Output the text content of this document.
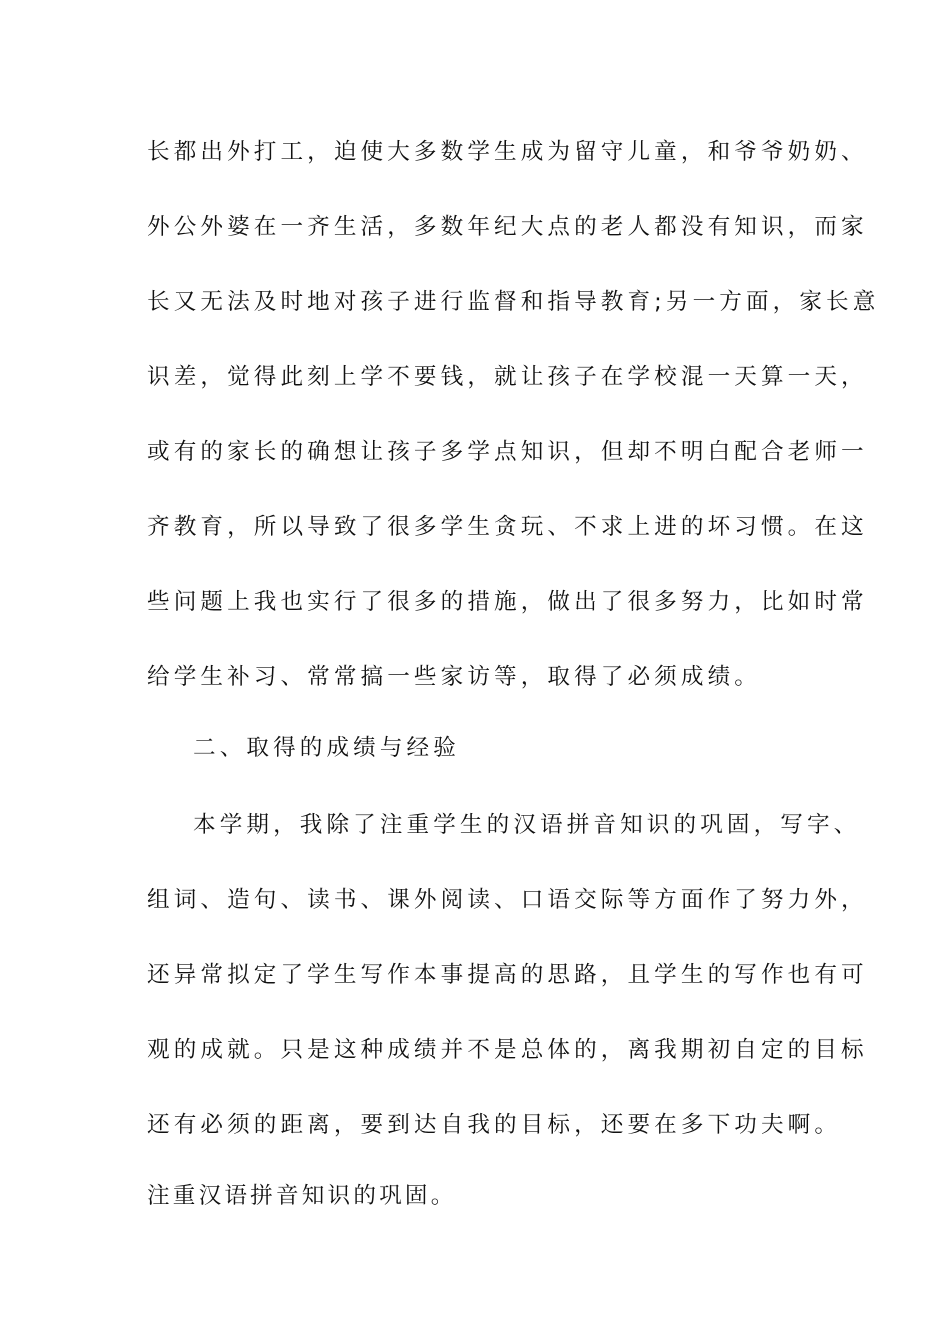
长都出外打工，迫使大多数学生成为留守儿童，和爷爷奶奶、
外公外婆在一齐生活，多数年纪大点的老人都没有知识，而家
长又无法及时地对孩子进行监督和指导教育;另一方面，家长意
识差，觉得此刻上学不要钱，就让孩子在学校混一天算一天，
或有的家长的确想让孩子多学点知识，但却不明白配合老师一
齐教育，所以导致了很多学生贪玩、不求上进的坏习惯。在这
些问题上我也实行了很多的措施，做出了很多努力，比如时常
给学生补习、常常搞一些家访等，取得了必须成绩。
二、取得的成绩与经验
本学期，我除了注重学生的汉语拼音知识的巩固，写字、
组词、造句、读书、课外阅读、口语交际等方面作了努力外，
还异常拟定了学生写作本事提高的思路，且学生的写作也有可
观的成就。只是这种成绩并不是总体的，离我期初自定的目标
还有必须的距离，要到达自我的目标，还要在多下功夫啊。
注重汉语拼音知识的巩固。
